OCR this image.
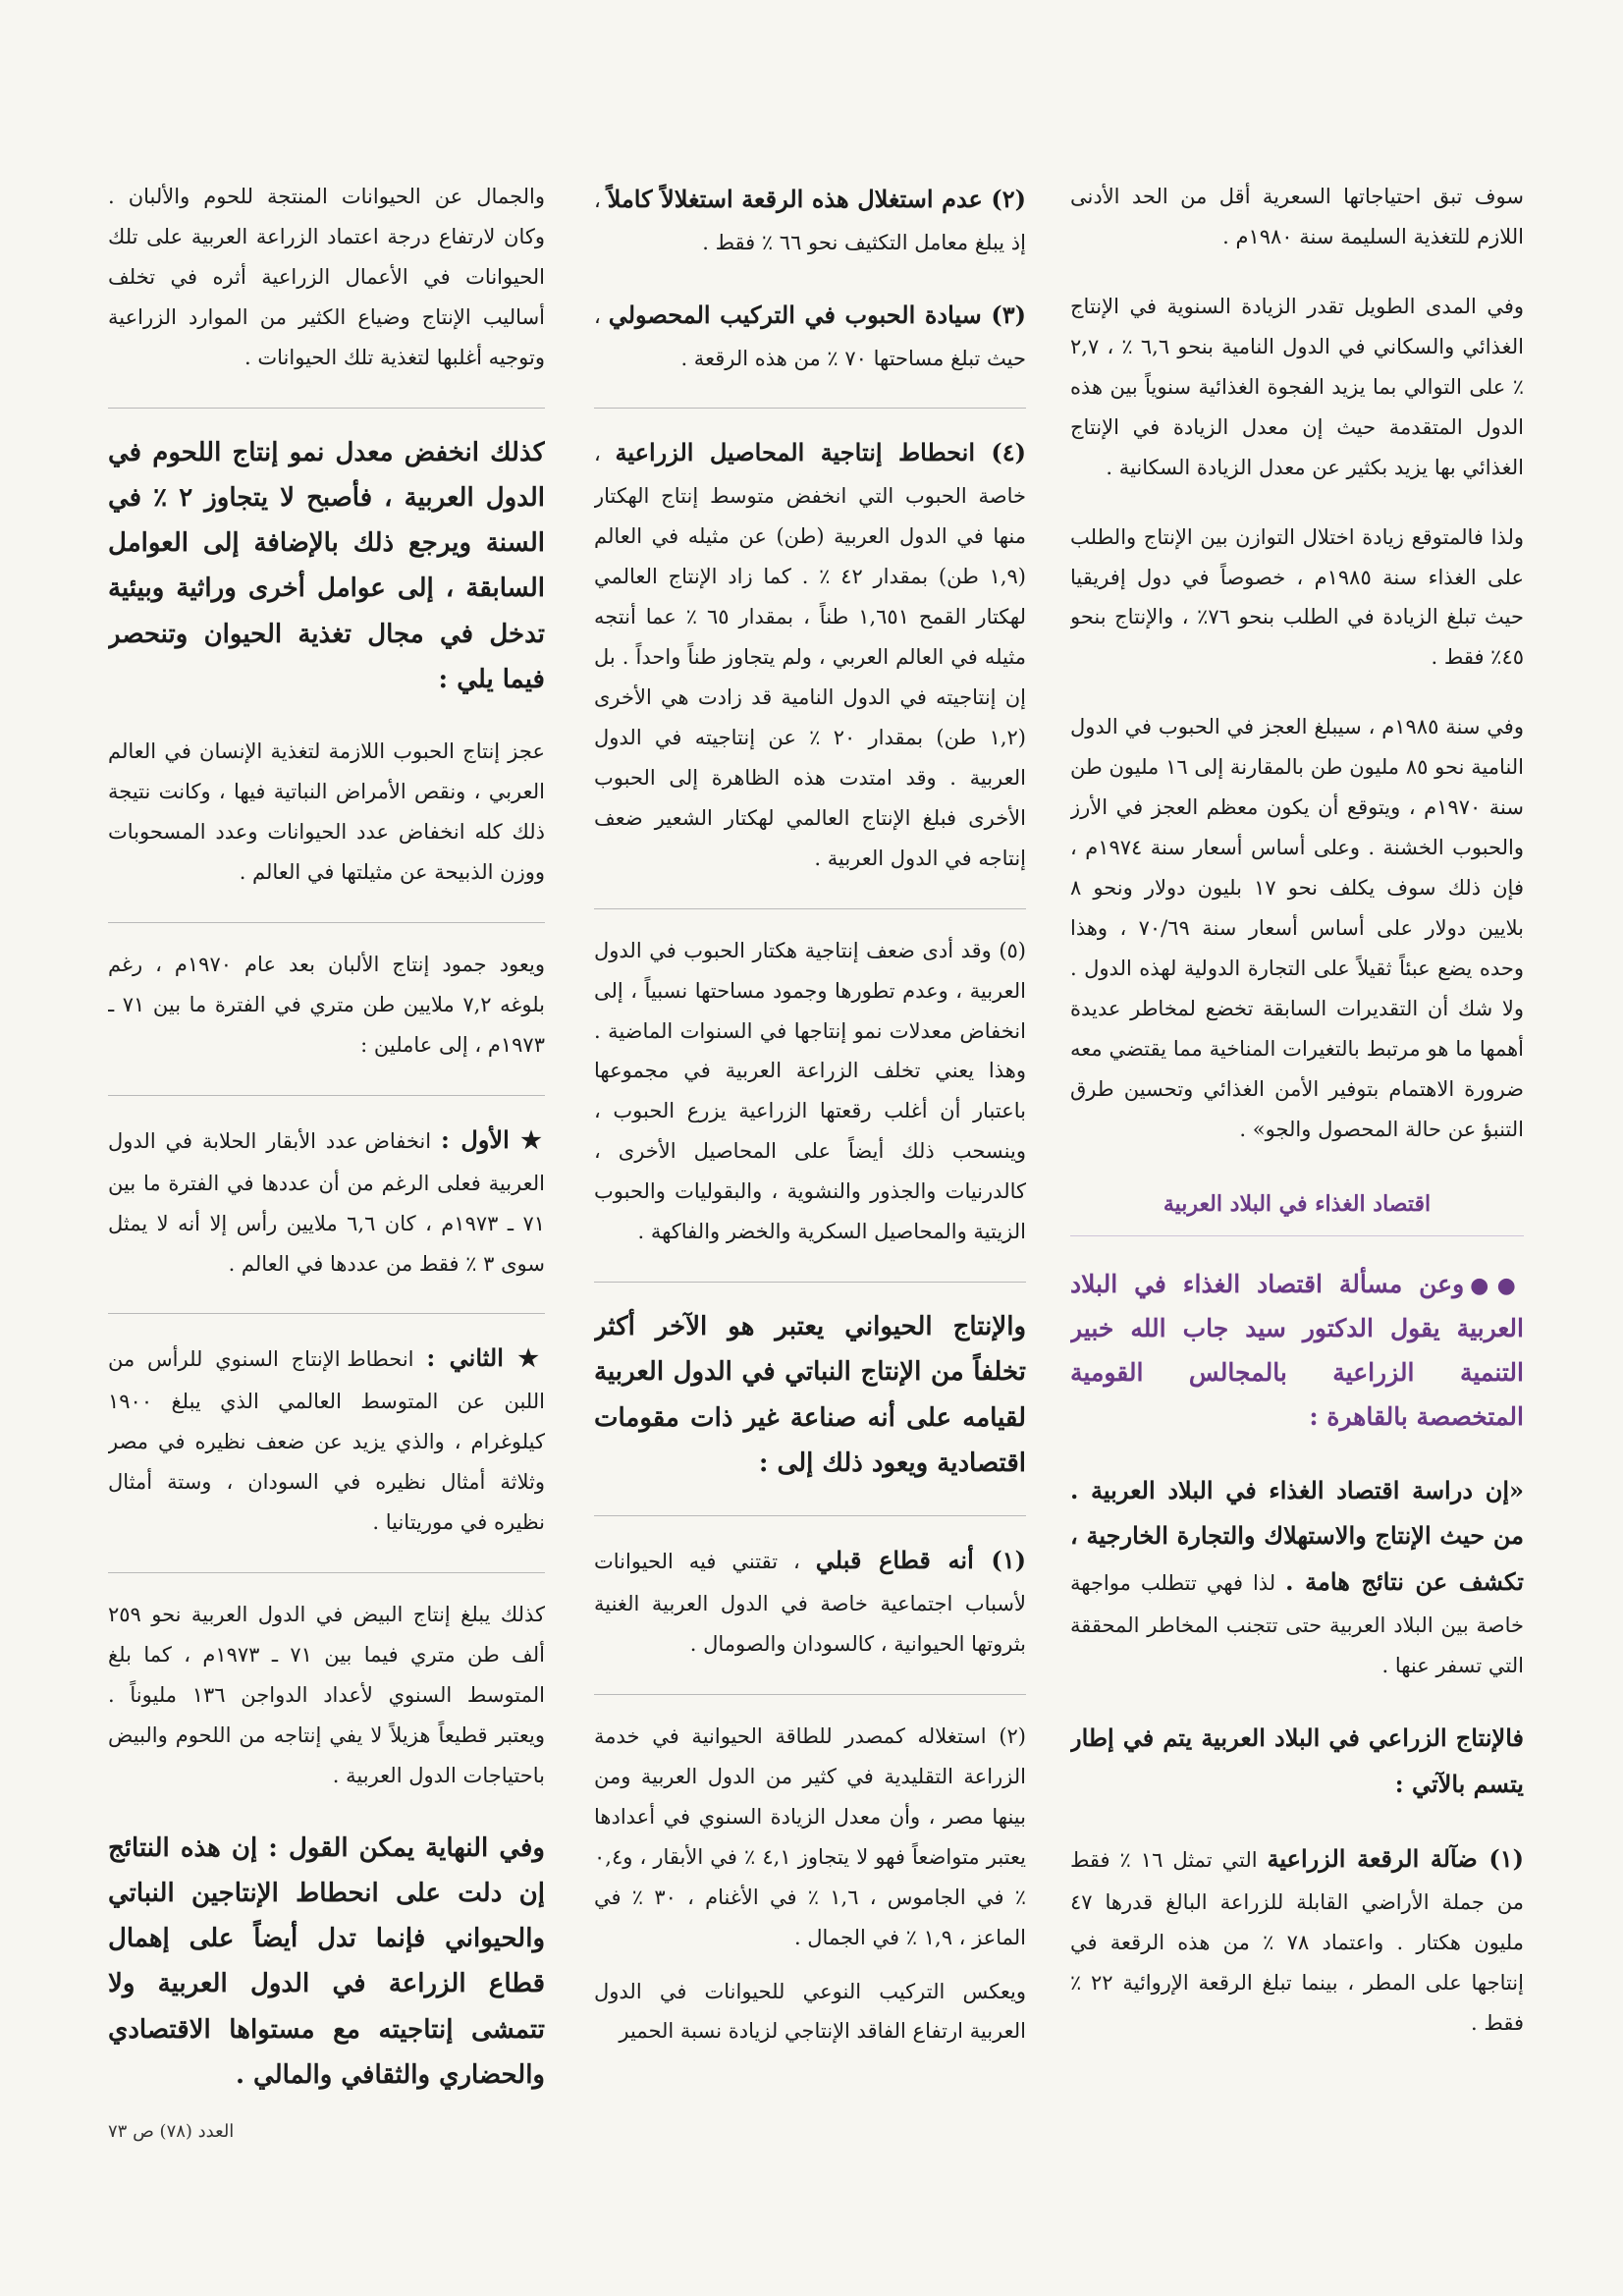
سوف تبق احتياجاتها السعرية أقل من الحد الأدنى اللازم للتغذية السليمة سنة ١٩٨٠م .

وفي المدى الطويل تقدر الزيادة السنوية في الإنتاج الغذائي والسكاني في الدول النامية بنحو ٦,٦ ٪ ، ٢,٧ ٪ على التوالي بما يزيد الفجوة الغذائية سنوياً بين هذه الدول المتقدمة حيث إن معدل الزيادة في الإنتاج الغذائي بها يزيد بكثير عن معدل الزيادة السكانية .

ولذا فالمتوقع زيادة اختلال التوازن بين الإنتاج والطلب على الغذاء سنة ١٩٨٥م ، خصوصاً في دول إفريقيا حيث تبلغ الزيادة في الطلب بنحو ٧٦٪ ، والإنتاج بنحو ٤٥٪ فقط .

وفي سنة ١٩٨٥م ، سيبلغ العجز في الحبوب في الدول النامية نحو ٨٥ مليون طن بالمقارنة إلى ١٦ مليون طن سنة ١٩٧٠م ، ويتوقع أن يكون معظم العجز في الأرز والحبوب الخشنة . وعلى أساس أسعار سنة ١٩٧٤م ، فإن ذلك سوف يكلف نحو ١٧ بليون دولار ونحو ٨ بلايين دولار على أساس أسعار سنة ٧٠/٦٩ ، وهذا وحده يضع عبئاً ثقيلاً على التجارة الدولية لهذه الدول . ولا شك أن التقديرات السابقة تخضع لمخاطر عديدة أهمها ما هو مرتبط بالتغيرات المناخية مما يقتضي معه ضرورة الاهتمام بتوفير الأمن الغذائي وتحسين طرق التنبؤ عن حالة المحصول والجو» .

اقتصاد الغذاء في البلاد العربية

●●وعن مسألة اقتصاد الغذاء في البلاد العربية يقول الدكتور سيد جاب الله خبير التنمية الزراعية بالمجالس القومية المتخصصة بالقاهرة :

«إن دراسة اقتصاد الغذاء في البلاد العربية . من حيث الإنتاج والاستهلاك والتجارة الخارجية ، تكشف عن نتائج هامة . لذا فهي تتطلب مواجهة خاصة بين البلاد العربية حتى تتجنب المخاطر المحققة التي تسفر عنها .

فالإنتاج الزراعي في البلاد العربية يتم في إطار يتسم بالآتي :

(١) ضآلة الرقعة الزراعية التي تمثل ١٦ ٪ فقط من جملة الأراضي القابلة للزراعة البالغ قدرها ٤٧ مليون هكتار . واعتماد ٧٨ ٪ من هذه الرقعة في إنتاجها على المطر ، بينما تبلغ الرقعة الإروائية ٢٢ ٪ فقط .

(٢) عدم استغلال هذه الرقعة استغلالاً كاملاً ، إذ يبلغ معامل التكثيف نحو ٦٦ ٪ فقط .

(٣) سيادة الحبوب في التركيب المحصولي ، حيث تبلغ مساحتها ٧٠ ٪ من هذه الرقعة .

(٤) انحطاط إنتاجية المحاصيل الزراعية ، خاصة الحبوب التي انخفض متوسط إنتاج الهكتار منها في الدول العربية (طن) عن مثيله في العالم (١,٩ طن) بمقدار ٤٢ ٪ . كما زاد الإنتاج العالمي لهكتار القمح ١,٦٥١ طناً ، بمقدار ٦٥ ٪ عما أنتجه مثيله في العالم العربي ، ولم يتجاوز طناً واحداً . بل إن إنتاجيته في الدول النامية قد زادت هي الأخرى (١,٢ طن) بمقدار ٢٠ ٪ عن إنتاجيته في الدول العربية . وقد امتدت هذه الظاهرة إلى الحبوب الأخرى فبلغ الإنتاج العالمي لهكتار الشعير ضعف إنتاجه في الدول العربية .

(٥) وقد أدى ضعف إنتاجية هكتار الحبوب في الدول العربية ، وعدم تطورها وجمود مساحتها نسبياً ، إلى انخفاض معدلات نمو إنتاجها في السنوات الماضية . وهذا يعني تخلف الزراعة العربية في مجموعها باعتبار أن أغلب رقعتها الزراعية يزرع الحبوب ، وينسحب ذلك أيضاً على المحاصيل الأخرى ، كالدرنيات والجذور والنشوية ، والبقوليات والحبوب الزيتية والمحاصيل السكرية والخضر والفاكهة .

والإنتاج الحيواني يعتبر هو الآخر أكثر تخلفاً من الإنتاج النباتي في الدول العربية لقيامه على أنه صناعة غير ذات مقومات اقتصادية ويعود ذلك إلى :

(١) أنه قطاع قبلي ، تقتني فيه الحيوانات لأسباب اجتماعية خاصة في الدول العربية الغنية بثروتها الحيوانية ، كالسودان والصومال .

(٢) استغلاله كمصدر للطاقة الحيوانية في خدمة الزراعة التقليدية في كثير من الدول العربية ومن بينها مصر ، وأن معدل الزيادة السنوي في أعدادها يعتبر متواضعاً فهو لا يتجاوز ٤,١ ٪ في الأبقار ، و٠,٤ ٪ في الجاموس ، ١,٦ ٪ في الأغنام ، ٣٠ ٪ في الماعز ، ١,٩ ٪ في الجمال .

ويعكس التركيب النوعي للحيوانات في الدول العربية ارتفاع الفاقد الإنتاجي لزيادة نسبة الحمير

والجمال عن الحيوانات المنتجة للحوم والألبان . وكان لارتفاع درجة اعتماد الزراعة العربية على تلك الحيوانات في الأعمال الزراعية أثره في تخلف أساليب الإنتاج وضياع الكثير من الموارد الزراعية وتوجيه أغلبها لتغذية تلك الحيوانات .

كذلك انخفض معدل نمو إنتاج اللحوم في الدول العربية ، فأصبح لا يتجاوز ٢ ٪ في السنة ويرجع ذلك بالإضافة إلى العوامل السابقة ، إلى عوامل أخرى وراثية وبيئية تدخل في مجال تغذية الحيوان وتنحصر فيما يلي :

عجز إنتاج الحبوب اللازمة لتغذية الإنسان في العالم العربي ، ونقص الأمراض النباتية فيها ، وكانت نتيجة ذلك كله انخفاض عدد الحيوانات وعدد المسحوبات ووزن الذبيحة عن مثيلتها في العالم .

ويعود جمود إنتاج الألبان بعد عام ١٩٧٠م ، رغم بلوغه ٧,٢ ملايين طن متري في الفترة ما بين ٧١ ـ ١٩٧٣م ، إلى عاملين :

★ الأول : انخفاض عدد الأبقار الحلابة في الدول العربية فعلى الرغم من أن عددها في الفترة ما بين ٧١ ـ ١٩٧٣م ، كان ٦,٦ ملايين رأس إلا أنه لا يمثل سوى ٣ ٪ فقط من عددها في العالم .

★ الثاني : انحطاط الإنتاج السنوي للرأس من اللبن عن المتوسط العالمي الذي يبلغ ١٩٠٠ كيلوغرام ، والذي يزيد عن ضعف نظيره في مصر وثلاثة أمثال نظيره في السودان ، وستة أمثال نظيره في موريتانيا .

كذلك يبلغ إنتاج البيض في الدول العربية نحو ٢٥٩ ألف طن متري فيما بين ٧١ ـ ١٩٧٣م ، كما بلغ المتوسط السنوي لأعداد الدواجن ١٣٦ مليوناً . ويعتبر قطيعاً هزيلاً لا يفي إنتاجه من اللحوم والبيض باحتياجات الدول العربية .

وفي النهاية يمكن القول : إن هذه النتائج إن دلت على انحطاط الإنتاجين النباتي والحيواني فإنما تدل أيضاً على إهمال قطاع الزراعة في الدول العربية ولا تتمشى إنتاجيته مع مستواها الاقتصادي والحضاري والثقافي والمالي .

العدد (٧٨) ص ٧٣
